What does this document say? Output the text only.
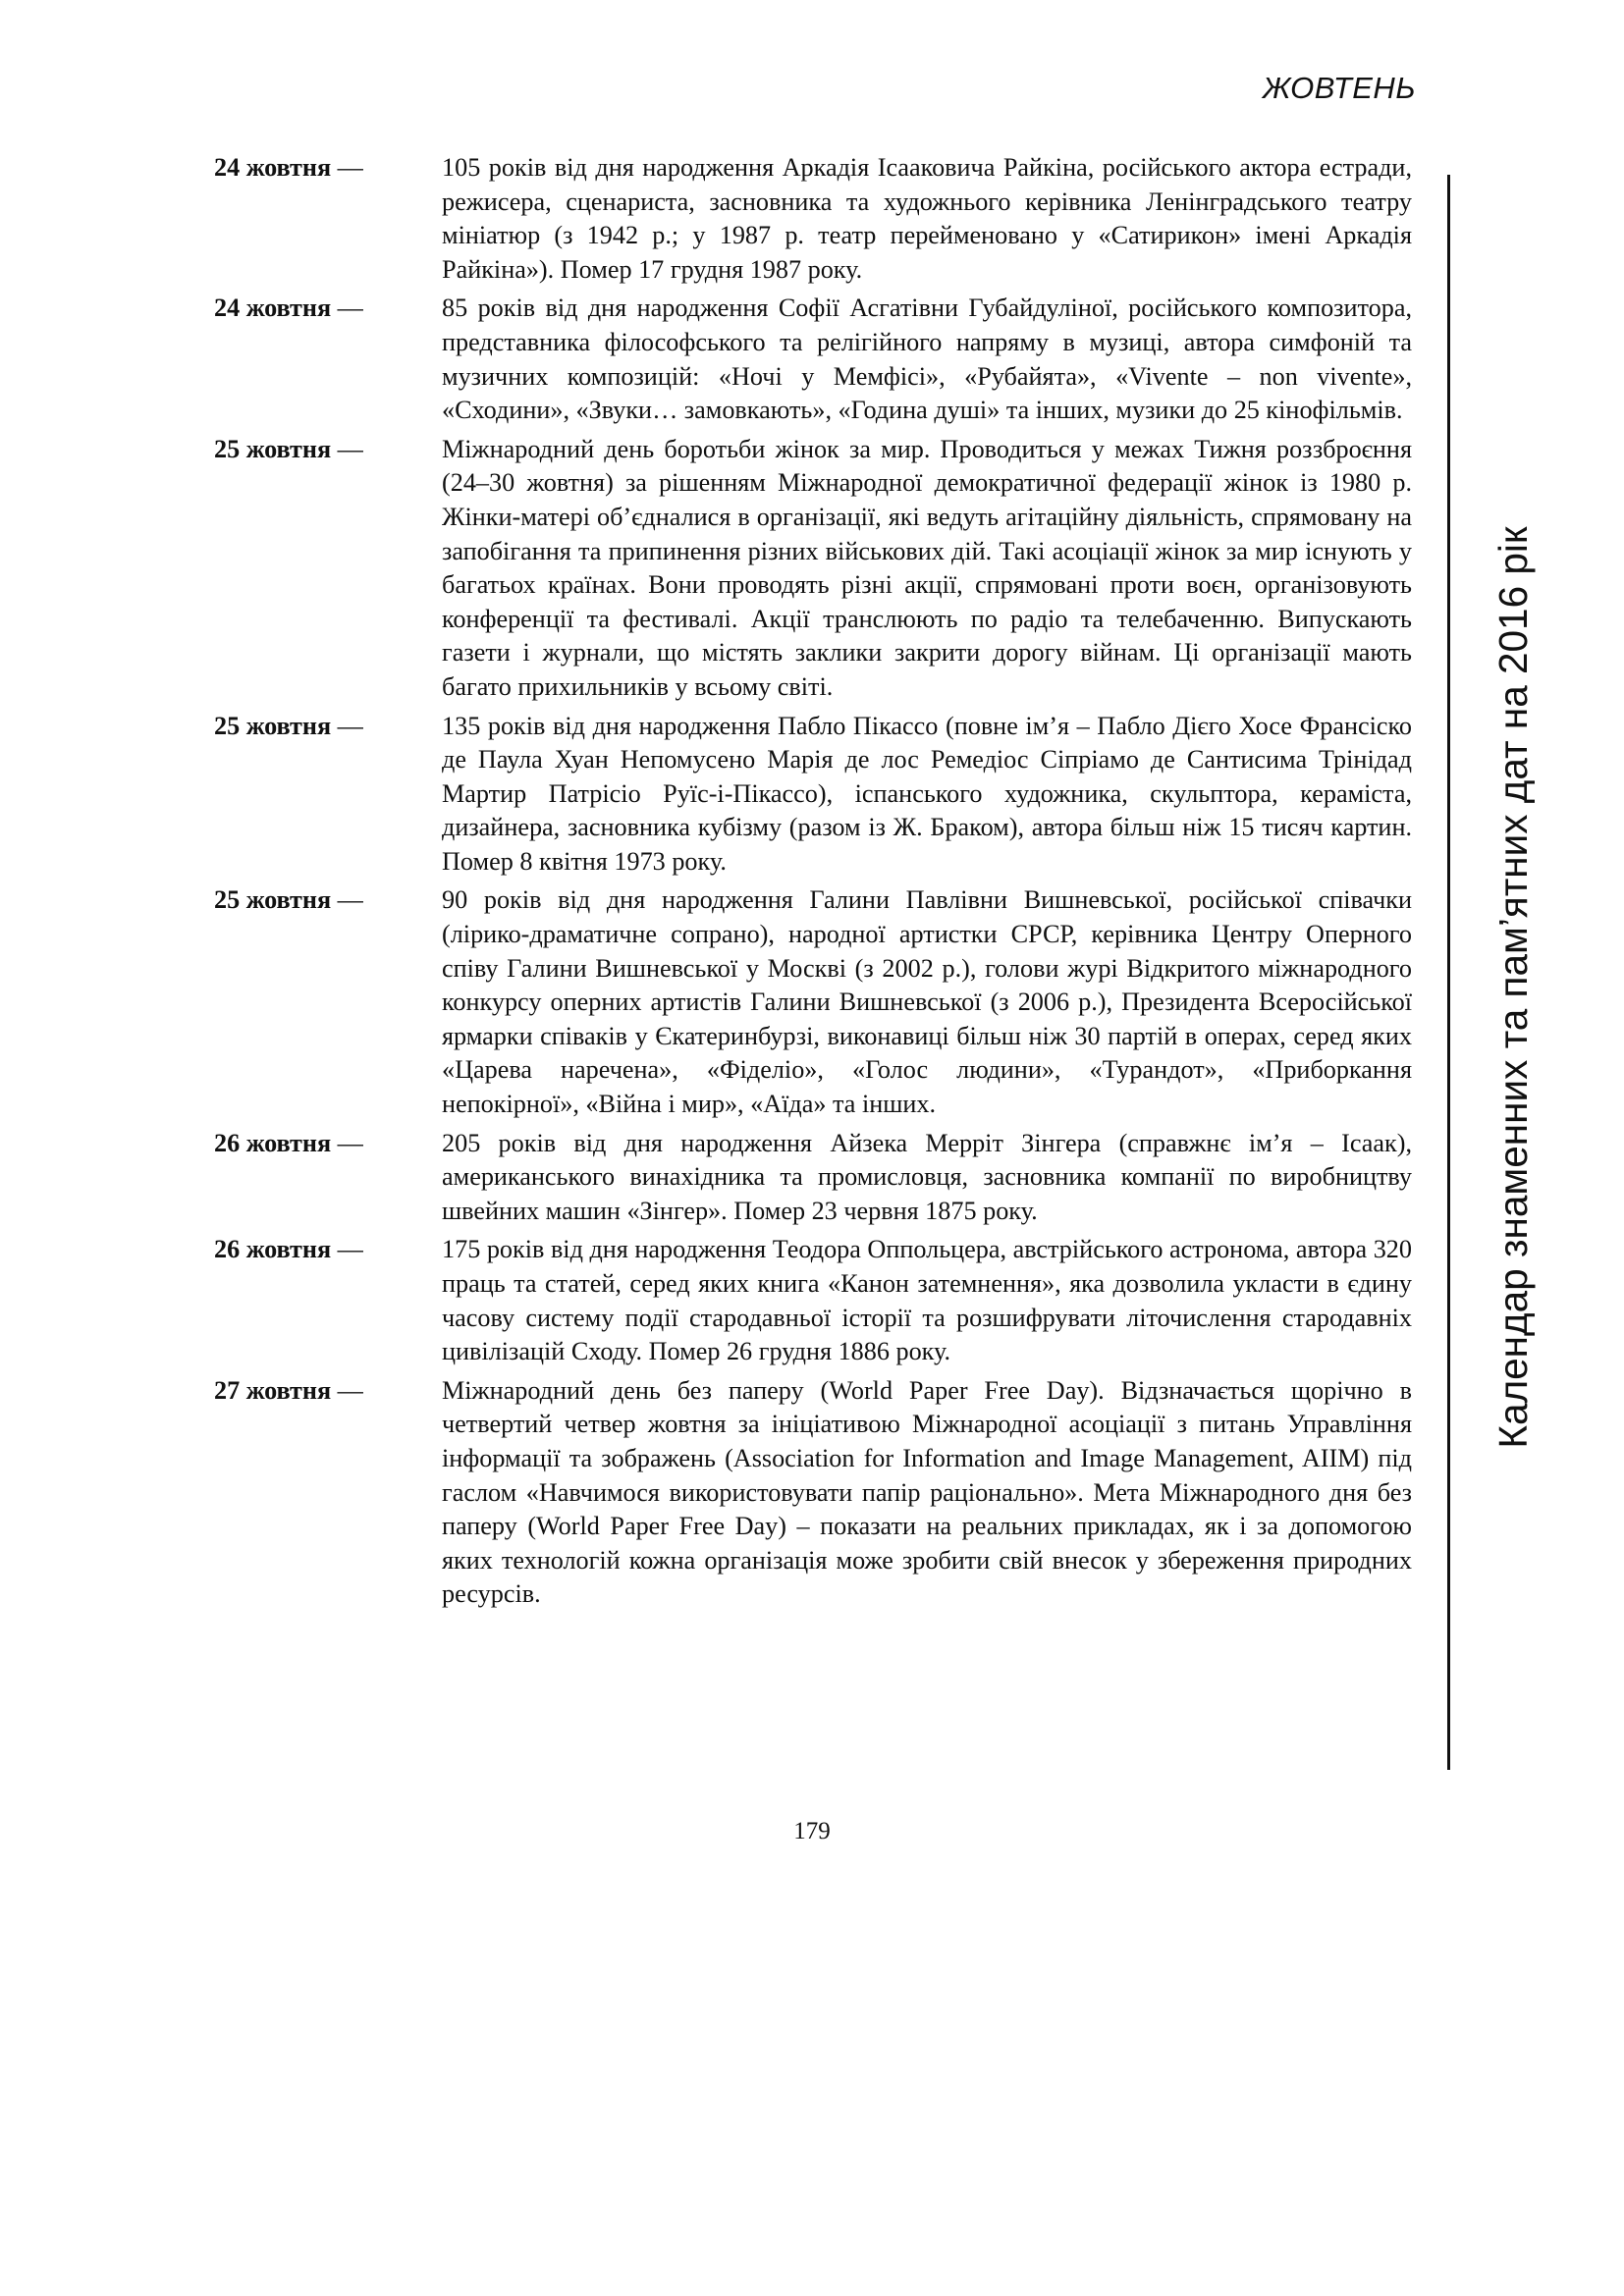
ЖОВТЕНЬ
Календар знаменних та пам’ятних дат на 2016 рік
24 жовтня —	105 років від дня народження Аркадія Ісааковича Райкіна, російського актора естради, режисера, сценариста, засновника та художнього керівника Ленінградського театру мініатюр (з 1942 р.; у 1987 р. театр перейменовано у «Сатирикон» імені Аркадія Райкіна»). Помер 17 грудня 1987 року.
24 жовтня —	85 років від дня народження Софії Асгатівни Губайдуліної, російського композитора, представника філософського та релігійного напряму в музиці, автора симфоній та музичних композицій: «Ночі у Мемфісі», «Рубайята», «Vivente – non vivente», «Сходини», «Звуки… замовкають», «Година душі» та інших, музики до 25 кінофільмів.
25 жовтня —	Міжнародний день боротьби жінок за мир. Проводиться у межах Тижня роззброєння (24–30 жовтня) за рішенням Міжнародної демократичної федерації жінок із 1980 р. Жінки-матері об’єдналися в організації, які ведуть агітаційну діяльність, спрямовану на запобігання та припинення різних військових дій. Такі асоціації жінок за мир існують у багатьох країнах. Вони проводять різні акції, спрямовані проти воєн, організовують конференції та фестивалі. Акції транслюють по радіо та телебаченню. Випускають газети і журнали, що містять заклики закрити дорогу війнам. Ці організації мають багато прихильників у всьому світі.
25 жовтня —	135 років від дня народження Пабло Пікассо (повне ім’я – Пабло Дієго Хосе Франсіско де Паула Хуан Непомусено Марія де лос Ремедіос Сіпріамо де Сантисима Трінідад Мартир Патрісіо Руїс-і-Пікассо), іспанського художника, скульптора, кераміста, дизайнера, засновника кубізму (разом із Ж. Браком), автора більш ніж 15 тисяч картин. Помер 8 квітня 1973 року.
25 жовтня —	90 років від дня народження Галини Павлівни Вишневської, російської співачки (лірико-драматичне сопрано), народної артистки СРСР, керівника Центру Оперного співу Галини Вишневської у Москві (з 2002 р.), голови журі Відкритого міжнародного конкурсу оперних артистів Галини Вишневської (з 2006 р.), Президента Всеросійської ярмарки співаків у Єкатеринбурзі, виконавиці більш ніж 30 партій в операх, серед яких «Царева наречена», «Фіделіо», «Голос людини», «Турандот», «Приборкання непокірної», «Війна і мир», «Аїда» та інших.
26 жовтня —	205 років від дня народження Айзека Мерріт Зінгера (справжнє ім’я – Ісаак), американського винахідника та промисловця, засновника компанії по виробництву швейних машин «Зінгер». Помер 23 червня 1875 року.
26 жовтня —	175 років від дня народження Теодора Оппольцера, австрійського астронома, автора 320 праць та статей, серед яких книга «Канон затемнення», яка дозволила укласти в єдину часову систему події стародавньої історії та розшифрувати літочислення стародавніх цивілізацій Сходу. Помер 26 грудня 1886 року.
27 жовтня —	Міжнародний день без паперу (World Paper Free Day). Відзначається щорічно в четвертий четвер жовтня за ініціативою Міжнародної асоціації з питань Управління інформації та зображень (Association for Information and Image Management, AIIM) під гаслом «Навчимося використовувати папір раціонально». Мета Міжнародного дня без паперу (World Paper Free Day) – показати на реальних прикладах, як і за допомогою яких технологій кожна організація може зробити свій внесок у збереження природних ресурсів.
179
